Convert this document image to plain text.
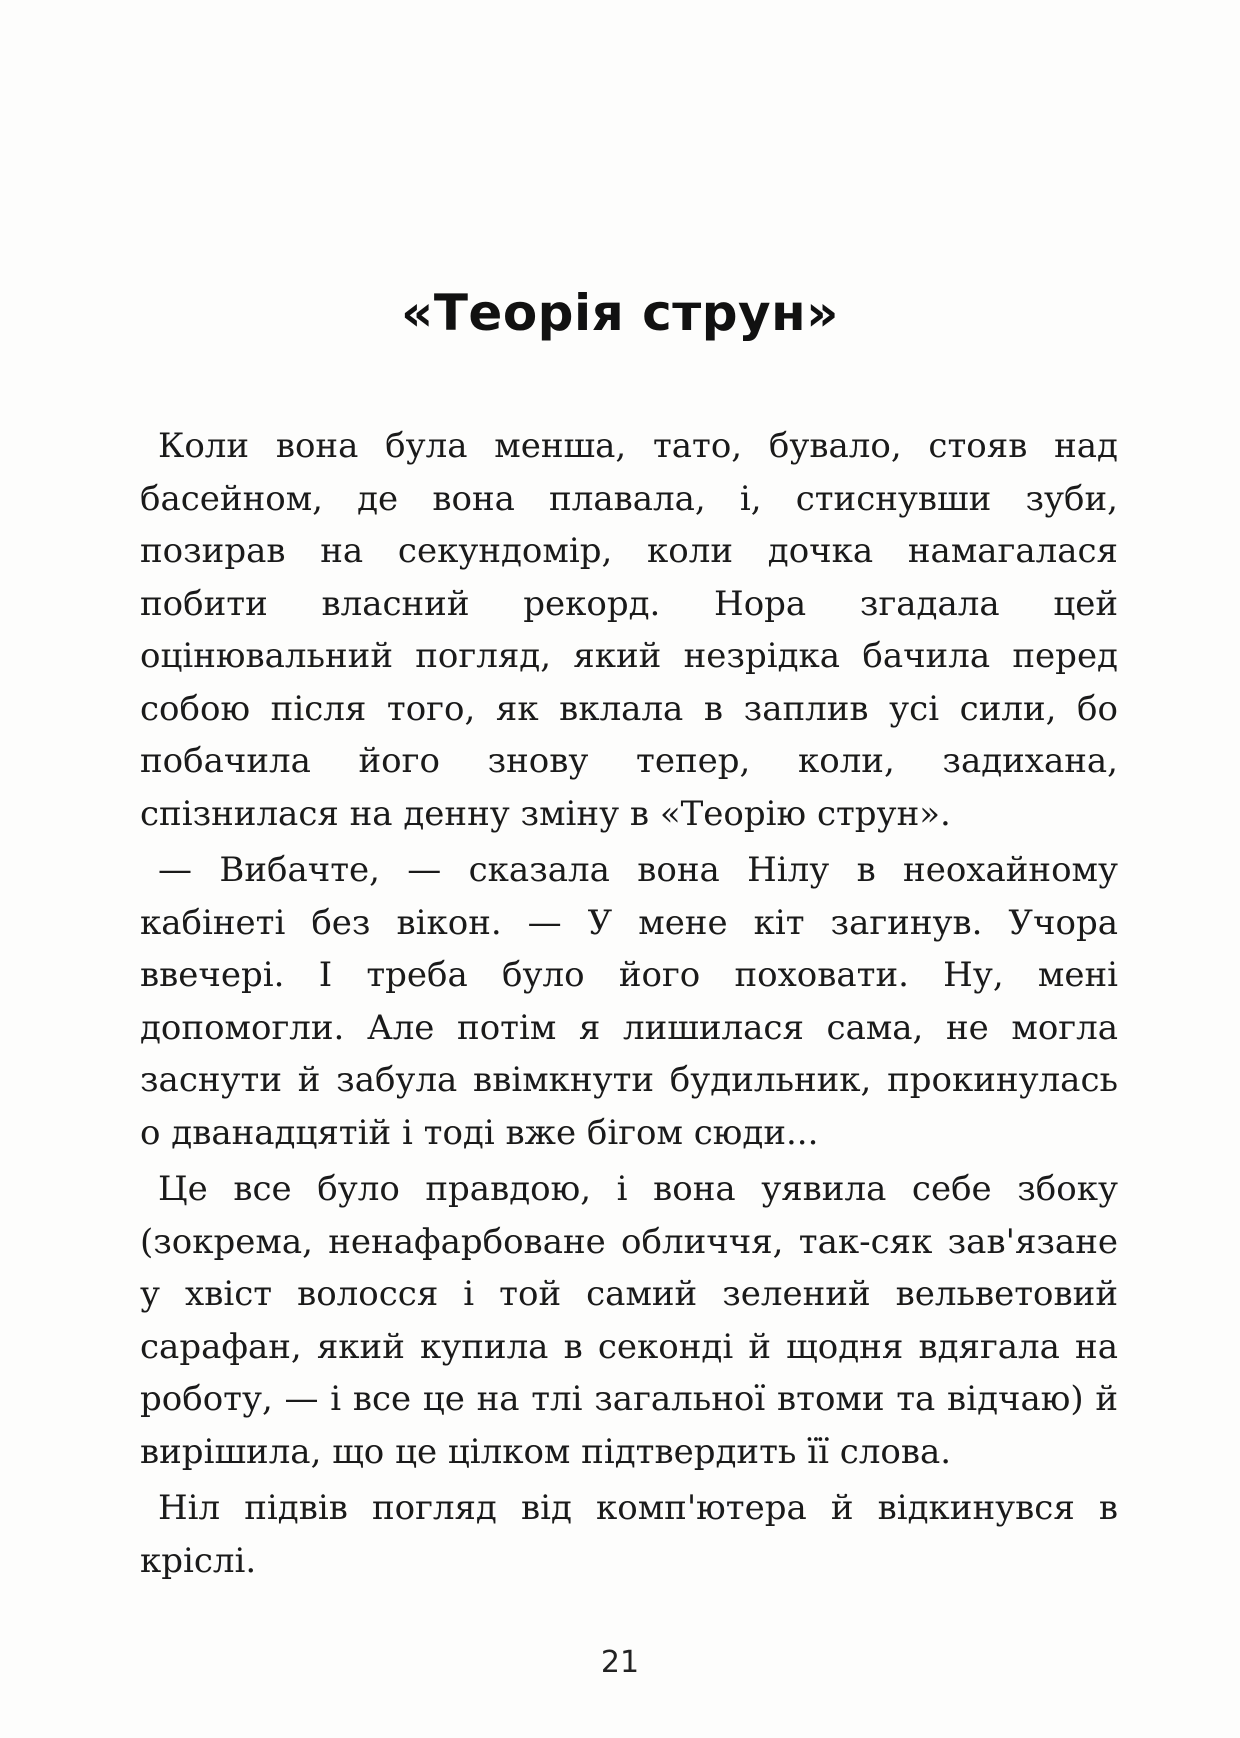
«Теорія струн»

Коли вона була менша, тато, бувало, стояв над басейном, де вона плавала, і, стиснувши зуби, позирав на секундомір, коли дочка намагалася побити власний рекорд. Нора згадала цей оцінювальний погляд, який незрідка бачила перед собою після того, як вклала в заплив усі сили, бо побачила його знову тепер, коли, задихана, спізнилася на денну зміну в «Теорію струн».

— Вибачте, — сказала вона Нілу в неохайному кабінеті без вікон. — У мене кіт загинув. Учора ввечері. І треба було його поховати. Ну, мені допомогли. Але потім я лишилася сама, не могла заснути й забула ввімкнути будильник, прокинулась о дванадцятій і тоді вже бігом сюди...

Це все було правдою, і вона уявила себе збоку (зокрема, ненафарбоване обличчя, так-сяк зав'язане у хвіст волосся і той самий зелений вельветовий сарафан, який купила в секонді й щодня вдягала на роботу, — і все це на тлі загальної втоми та відчаю) й вирішила, що це цілком підтвердить її слова.

Ніл підвів погляд від комп'ютера й відкинувся в кріслі.

21
